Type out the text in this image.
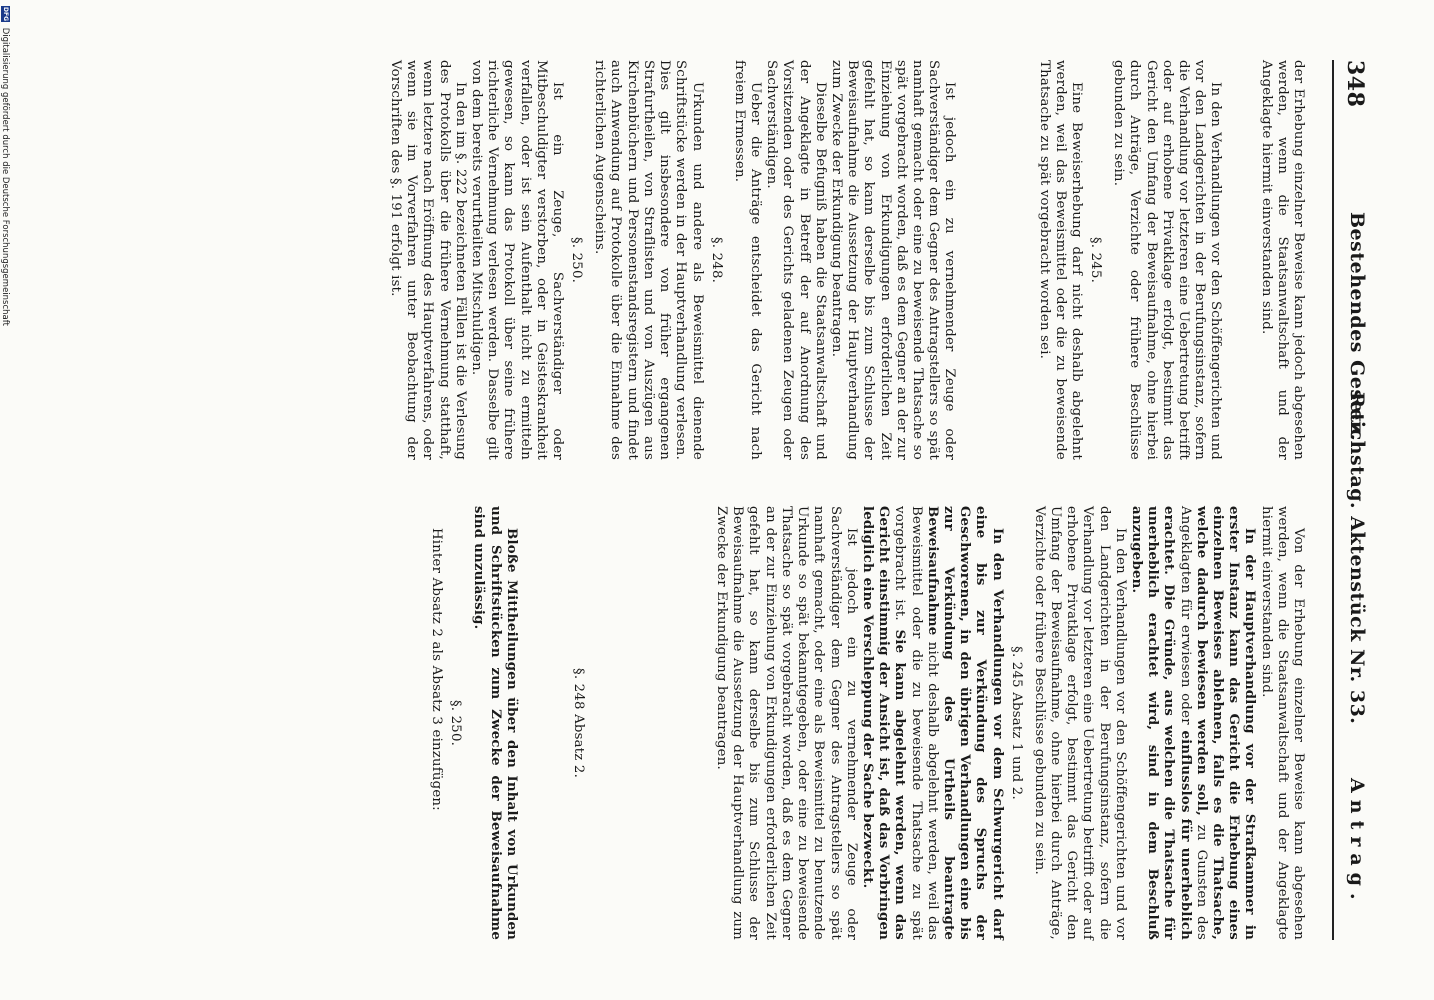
348
Bestehendes Gesetz.
Reichstag. Aktenstück Nr. 33.
Antrag.

der Erhebung einzelner Beweise kann jedoch abgesehen werden, wenn die Staatsanwaltschaft und der Angeklagte hiermit einverstanden sind.

In den Verhandlungen vor den Schöffengerichten und vor den Landgerichten in der Berufungsinstanz, sofern die Verhandlung vor letzteren eine Uebertretung betrifft oder auf erhobene Privatklage erfolgt, bestimmt das Gericht den Umfang der Beweisaufnahme, ohne hierbei durch Anträge, Verzichte oder frühere Beschlüsse gebunden zu sein.

§. 245.

Eine Beweiserhebung darf nicht deshalb abgelehnt werden, weil das Beweismittel oder die zu beweisende Thatsache zu spät vorgebracht worden sei.

Ist jedoch ein zu vernehmender Zeuge oder Sachverständiger dem Gegner des Antragstellers so spät namhaft gemacht oder eine zu beweisende Thatsache so spät vorgebracht worden, daß es dem Gegner an der zur Einziehung von Erkundigungen erforderlichen Zeit gefehlt hat, so kann derselbe bis zum Schlusse der Beweisaufnahme die Aussetzung der Hauptverhandlung zum Zwecke der Erkundigung beantragen.

Dieselbe Befugniß haben die Staatsanwaltschaft und der Angeklagte in Betreff der auf Anordnung des Vorsitzenden oder des Gerichts geladenen Zeugen oder Sachverständigen.

Ueber die Anträge entscheidet das Gericht nach freiem Ermessen.

§. 248.

Urkunden und andere als Beweismittel dienende Schriftstücke werden in der Hauptverhandlung verlesen. Dies gilt insbesondere von früher ergangenen Strafurtheilen, von Straflisten und von Auszügen aus Kirchenbüchern und Personenstandsregistern und findet auch Anwendung auf Protokolle über die Einnahme des richterlichen Augenscheins.

§. 250.

Ist ein Zeuge, Sachverständiger oder Mitbeschuldigter verstorben, oder in Geisteskrankheit verfallen, oder ist sein Aufenthalt nicht zu ermitteln gewesen, so kann das Protokoll über seine frühere richterliche Vernehmung verlesen werden. Dasselbe gilt von dem bereits verurtheilten Mitschuldigen.

In den im §. 222 bezeichneten Fällen ist die Verlesung des Protokolls über die frühere Vernehmung statthaft, wenn letztere nach Eröffnung des Hauptverfahrens, oder wenn sie im Vorverfahren unter Beobachtung der Vorschriften des §. 191 erfolgt ist.

Von der Erhebung einzelner Beweise kann abgesehen werden, wenn die Staatsanwaltschaft und der Angeklagte hiermit einverstanden sind.

In der Hauptverhandlung vor der Strafkammer in erster Instanz kann das Gericht die Erhebung eines einzelnen Beweises ablehnen, falls es die Thatsache, welche dadurch bewiesen werden soll, zu Gunsten des Angeklagten für erwiesen oder einflusslos für unerheblich erachtet. Die Gründe, aus welchen die Thatsache für unerheblich erachtet wird, sind in dem Beschluß anzugeben.

In den Verhandlungen vor den Schöffengerichten und vor den Landgerichten in der Berufungsinstanz, sofern die Verhandlung vor letzteren eine Uebertretung betrifft oder auf erhobene Privatklage erfolgt, bestimmt das Gericht den Umfang der Beweisaufnahme, ohne hierbei durch Anträge, Verzichte oder frühere Beschlüsse gebunden zu sein.

§. 245 Absatz 1 und 2.

In den Verhandlungen vor dem Schwurgericht darf eine bis zur Verkündung des Spruchs der Geschworenen, in den übrigen Verhandlungen eine bis zur Verkündung des Urtheils beantragte Beweisaufnahme nicht deshalb abgelehnt werden, weil das Beweismittel oder die zu beweisende Thatsache zu spät vorgebracht ist. Sie kann abgelehnt werden, wenn das Gericht einstimmig der Ansicht ist, daß das Vorbringen lediglich eine Verschleppung der Sache bezweckt.

Ist jedoch ein zu vernehmender Zeuge oder Sachverständiger dem Gegner des Antragstellers so spät namhaft gemacht, oder eine als Beweismittel zu benutzende Urkunde so spät bekanntgegeben, oder eine zu beweisende Thatsache so spät vorgebracht worden, daß es dem Gegner an der zur Einziehung von Erkundigungen erforderlichen Zeit gefehlt hat, so kann derselbe bis zum Schlusse der Beweisaufnahme die Aussetzung der Hauptverhandlung zum Zwecke der Erkundigung beantragen.

§. 248 Absatz 2.

Bloße Mittheilungen über den Inhalt von Urkunden und Schriftstücken zum Zwecke der Beweisaufnahme sind unzulässig.

§. 250.

Hinter Absatz 2 als Absatz 3 einzufügen:

DFG Digitalisierung gefördert durch die Deutsche Forschungsgemeinschaft
